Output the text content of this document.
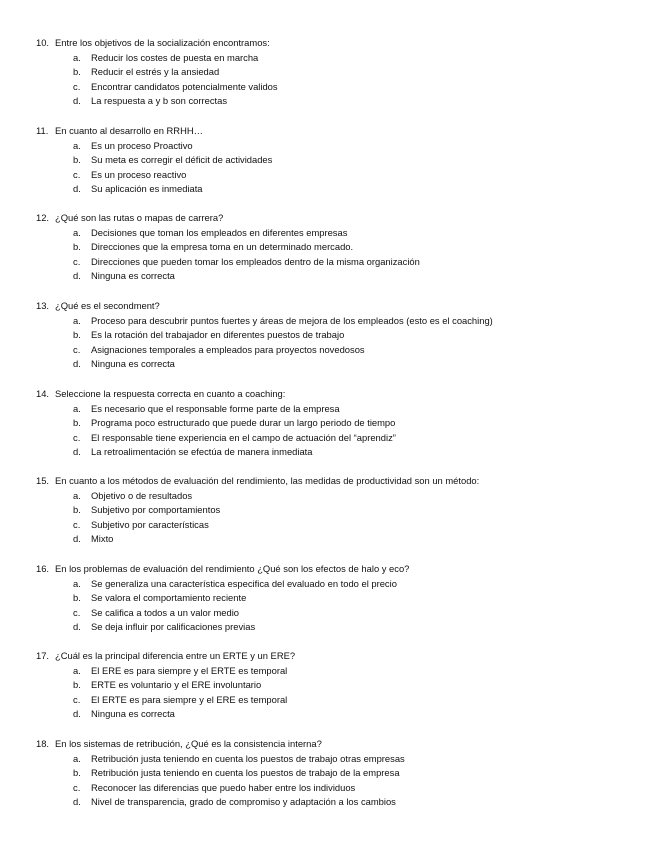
10. Entre los objetivos de la socialización encontramos:
a.	Reducir los costes de puesta en marcha
b.	Reducir el estrés y la ansiedad
c.	Encontrar candidatos potencialmente validos
d.	La respuesta a y b son correctas
11. En cuanto al desarrollo en RRHH…
a.	Es un proceso Proactivo
b.	Su meta es corregir el déficit de actividades
c.	Es un proceso reactivo
d.	Su aplicación es inmediata
12. ¿Qué son las rutas o mapas de carrera?
a.	Decisiones que toman los empleados en diferentes empresas
b.	Direcciones que la empresa toma en un determinado mercado.
c.	Direcciones que pueden tomar los empleados dentro de la misma organización
d.	Ninguna es correcta
13. ¿Qué es el secondment?
a.	Proceso para descubrir puntos fuertes y áreas de mejora de los empleados (esto es el coaching)
b.	Es la rotación del trabajador en diferentes puestos de trabajo
c.	Asignaciones temporales a empleados para proyectos novedosos
d.	Ninguna es correcta
14. Seleccione la respuesta correcta en cuanto a coaching:
a.	Es necesario que el responsable forme parte de la empresa
b.	Programa poco estructurado que puede durar un largo periodo de tiempo
c.	El responsable tiene experiencia en el campo de actuación del “aprendiz”
d.	La retroalimentación se efectúa de manera inmediata
15. En cuanto a los métodos de evaluación del rendimiento, las medidas de productividad son un método:
a.	Objetivo o de resultados
b.	Subjetivo por comportamientos
c.	Subjetivo por características
d.	Mixto
16. En los problemas de evaluación del rendimiento ¿Qué son los efectos de halo y eco?
a.	Se generaliza una característica especifica del evaluado en todo el precio
b.	Se valora el comportamiento reciente
c.	Se califica a todos a un valor medio
d.	Se deja influir por calificaciones previas
17. ¿Cuál es la principal diferencia entre un ERTE y un ERE?
a.	El ERE es para siempre y el ERTE es temporal
b.	ERTE es voluntario y el ERE involuntario
c.	El ERTE es para siempre y el ERE es temporal
d.	Ninguna es correcta
18. En los sistemas de retribución, ¿Qué es la consistencia interna?
a.	Retribución justa teniendo en cuenta los puestos de trabajo otras empresas
b.	Retribución justa teniendo en cuenta los puestos de trabajo de la empresa
c.	Reconocer las diferencias que puedo haber entre los individuos
d.	Nivel de transparencia, grado de compromiso y adaptación a los cambios
